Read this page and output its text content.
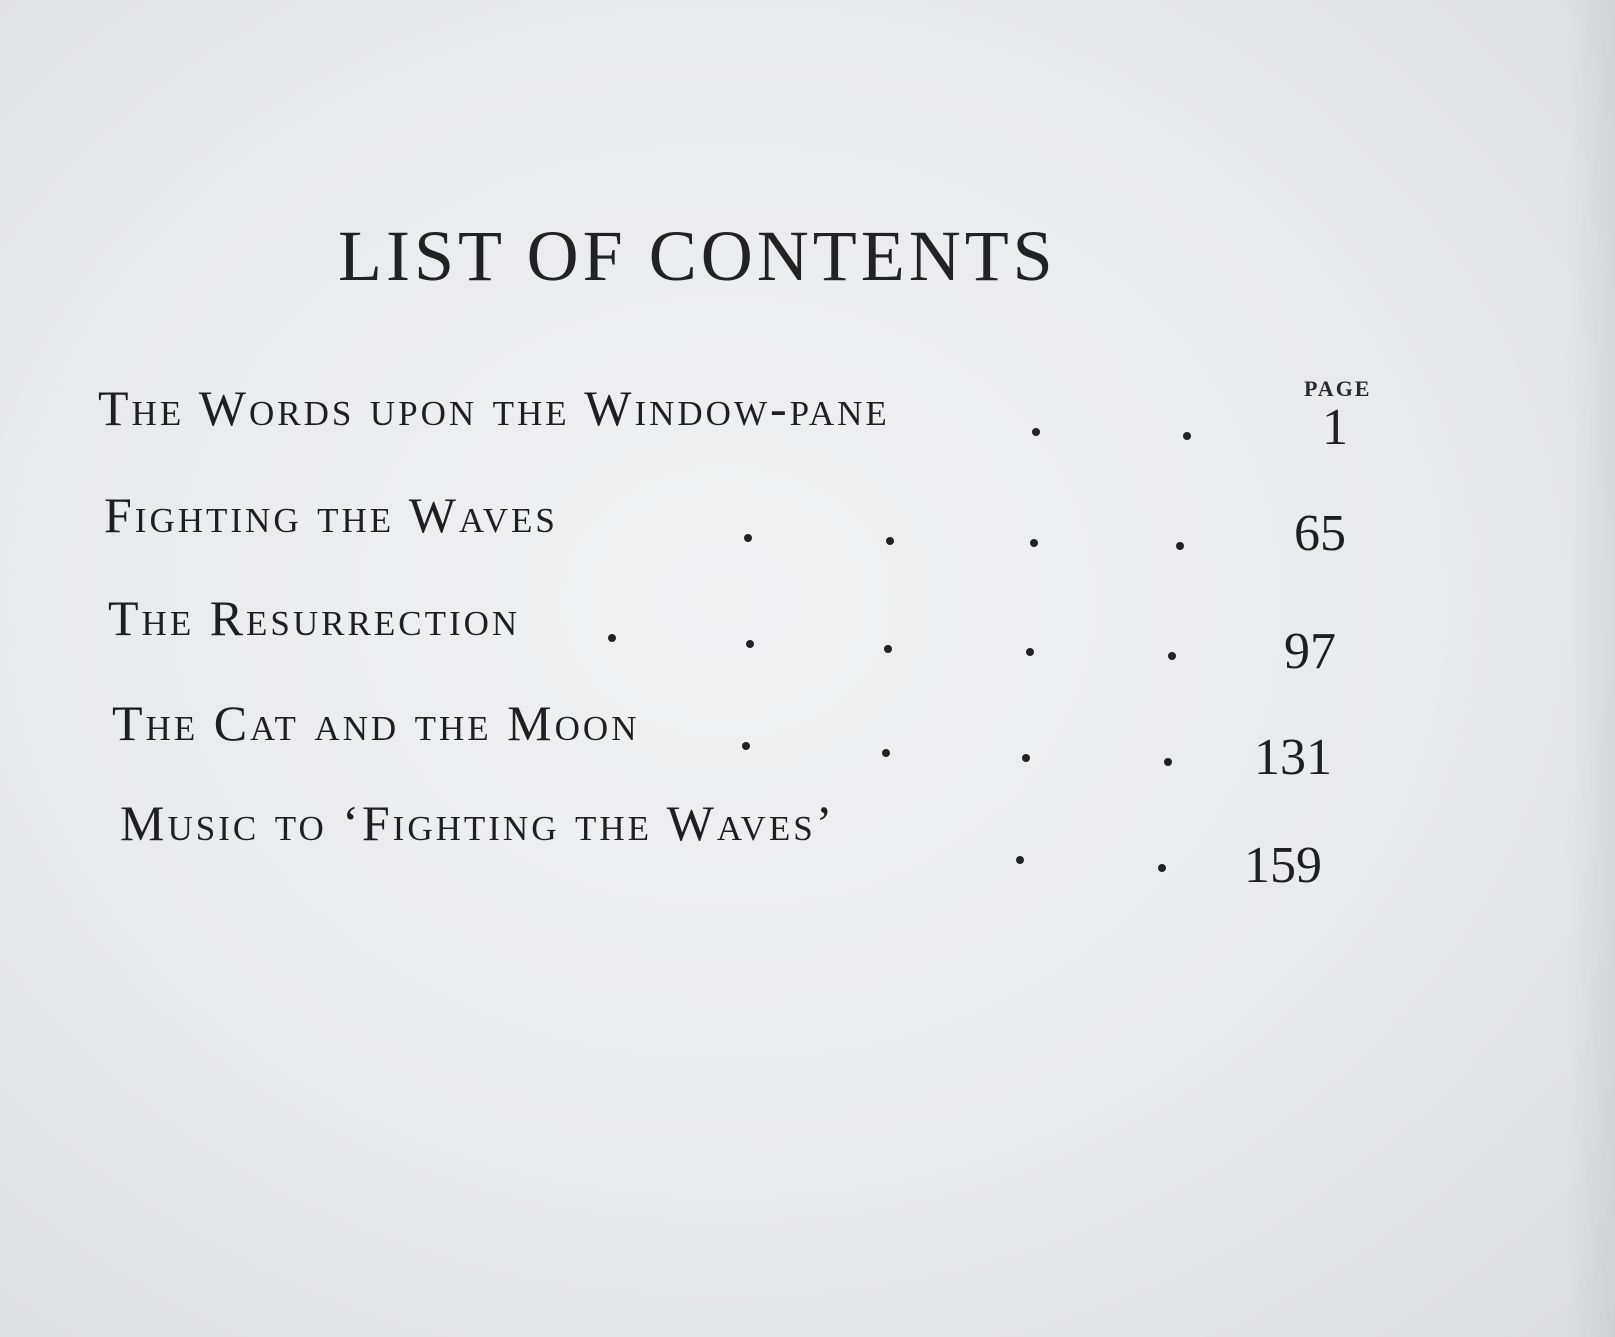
LIST OF CONTENTS
PAGE
The Words upon the Window-pane	1
Fighting the Waves	65
The Resurrection
97
The Cat and the Moon
131
Music to ‘Fighting the Waves’
159
